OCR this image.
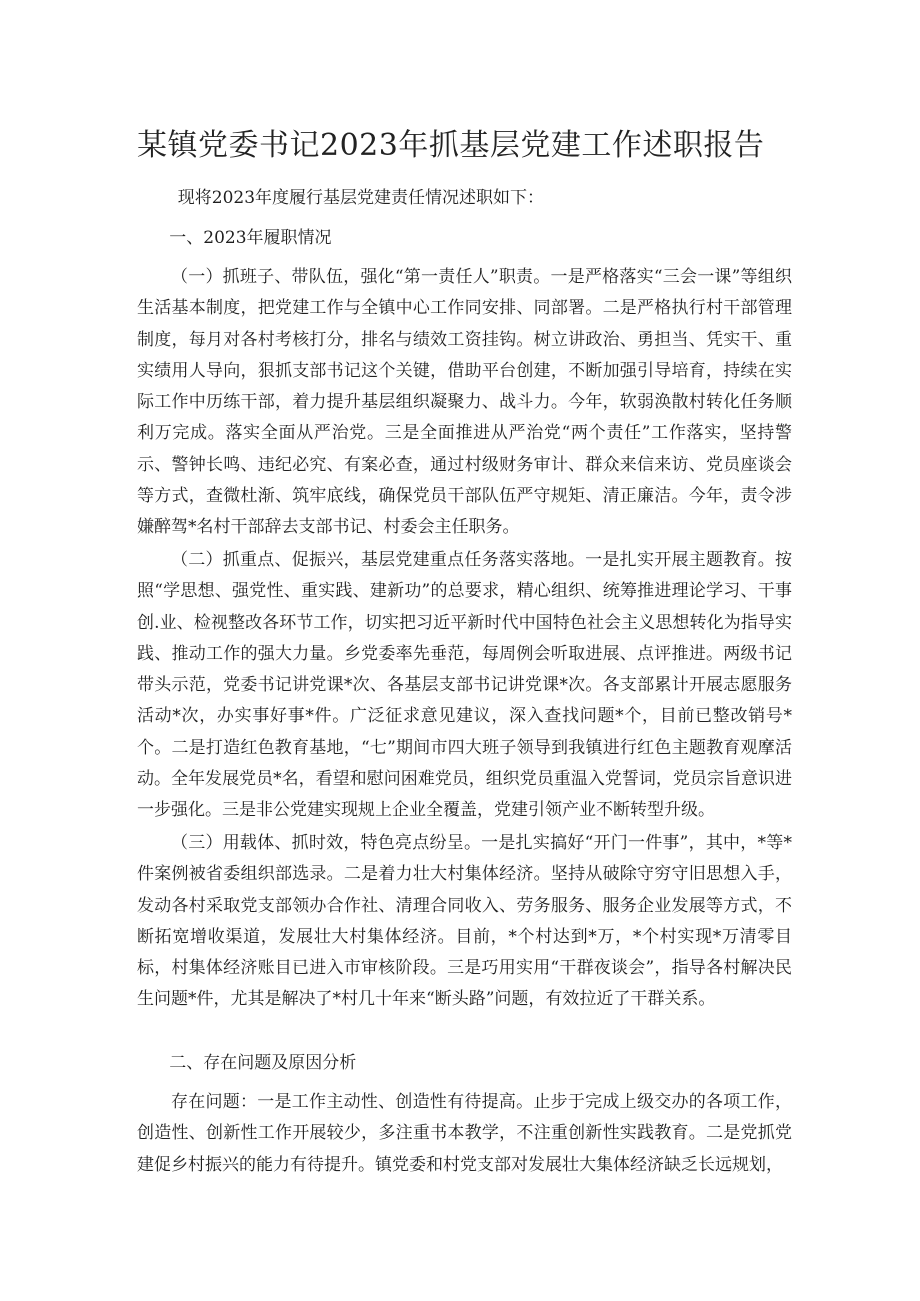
某镇党委书记2023年抓基层党建工作述职报告

现将2023年度履行基层党建责任情况述职如下：

一、2023年履职情况

（一）抓班子、带队伍，强化“第一责任人”职责。一是严格落实“三会一课”等组织生活基本制度，把党建工作与全镇中心工作同安排、同部署。二是严格执行村干部管理制度，每月对各村考核打分，排名与绩效工资挂钩。树立讲政治、勇担当、凭实干、重实绩用人导向，狠抓支部书记这个关键，借助平台创建，不断加强引导培育，持续在实际工作中历练干部，着力提升基层组织凝聚力、战斗力。今年，软弱涣散村转化任务顺利万完成。落实全面从严治党。三是全面推进从严治党“两个责任”工作落实，坚持警示、警钟长鸣、违纪必究、有案必查，通过村级财务审计、群众来信来访、党员座谈会等方式，查微杜渐、筑牢底线，确保党员干部队伍严守规矩、清正廉洁。今年，责令涉嫌醉驾*名村干部辞去支部书记、村委会主任职务。

（二）抓重点、促振兴，基层党建重点任务落实落地。一是扎实开展主题教育。按照“学思想、强党性、重实践、建新功”的总要求，精心组织、统筹推进理论学习、干事创.业、检视整改各环节工作，切实把习近平新时代中国特色社会主义思想转化为指导实践、推动工作的强大力量。乡党委率先垂范，每周例会听取进展、点评推进。两级书记带头示范，党委书记讲党课*次、各基层支部书记讲党课*次。各支部累计开展志愿服务活动*次，办实事好事*件。广泛征求意见建议，深入查找问题*个，目前已整改销号*个。二是打造红色教育基地，“七”期间市四大班子领导到我镇进行红色主题教育观摩活动。全年发展党员*名，看望和慰问困难党员，组织党员重温入党誓词，党员宗旨意识进一步强化。三是非公党建实现规上企业全覆盖，党建引领产业不断转型升级。

（三）用载体、抓时效，特色亮点纷呈。一是扎实搞好“开门一件事”，其中，*等*件案例被省委组织部选录。二是着力壮大村集体经济。坚持从破除守穷守旧思想入手，发动各村采取党支部领办合作社、清理合同收入、劳务服务、服务企业发展等方式，不断拓宽增收渠道，发展壮大村集体经济。目前，*个村达到*万，*个村实现*万清零目标，村集体经济账目已进入市审核阶段。三是巧用实用“干群夜谈会”，指导各村解决民生问题*件，尤其是解决了*村几十年来“断头路”问题，有效拉近了干群关系。

二、存在问题及原因分析

存在问题：一是工作主动性、创造性有待提高。止步于完成上级交办的各项工作，创造性、创新性工作开展较少，多注重书本教学，不注重创新性实践教育。二是党抓党建促乡村振兴的能力有待提升。镇党委和村党支部对发展壮大集体经济缺乏长远规划，
